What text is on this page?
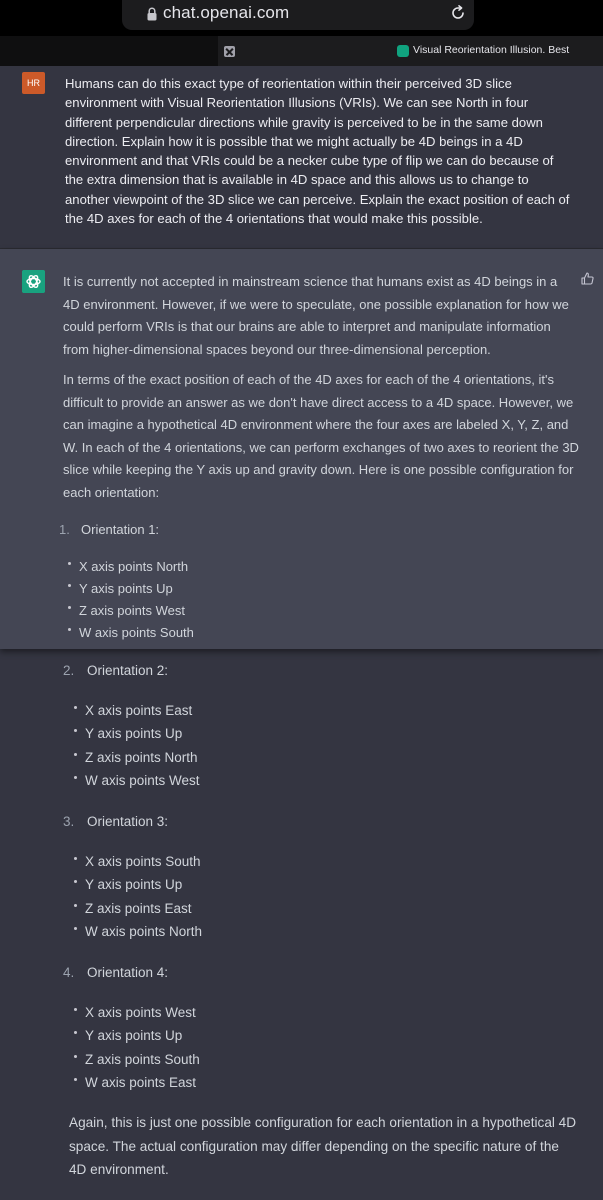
chat.openai.com
Visual Reorientation Illusion. Best
HR	Humans can do this exact type of reorientation within their perceived 3D slice environment with Visual Reorientation Illusions (VRIs). We can see North in four different perpendicular directions while gravity is perceived to be in the same down direction. Explain how it is possible that we might actually be 4D beings in a 4D environment and that VRIs could be a necker cube type of flip we can do because of the extra dimension that is available in 4D space and this allows us to change to another viewpoint of the 3D slice we can perceive. Explain the exact position of each of the 4D axes for each of the 4 orientations that would make this possible.

It is currently not accepted in mainstream science that humans exist as 4D beings in a 4D environment. However, if we were to speculate, one possible explanation for how we could perform VRIs is that our brains are able to interpret and manipulate information from higher-dimensional spaces beyond our three-dimensional perception.

In terms of the exact position of each of the 4D axes for each of the 4 orientations, it's difficult to provide an answer as we don't have direct access to a 4D space. However, we can imagine a hypothetical 4D environment where the four axes are labeled X, Y, Z, and W. In each of the 4 orientations, we can perform exchanges of two axes to reorient the 3D slice while keeping the Y axis up and gravity down. Here is one possible configuration for each orientation:

1. Orientation 1:
X axis points North
Y axis points Up
Z axis points West
W axis points South
2. Orientation 2:
X axis points East
Y axis points Up
Z axis points North
W axis points West
3. Orientation 3:
X axis points South
Y axis points Up
Z axis points East
W axis points North
4. Orientation 4:
X axis points West
Y axis points Up
Z axis points South
W axis points East

Again, this is just one possible configuration for each orientation in a hypothetical 4D space. The actual configuration may differ depending on the specific nature of the 4D environment.
